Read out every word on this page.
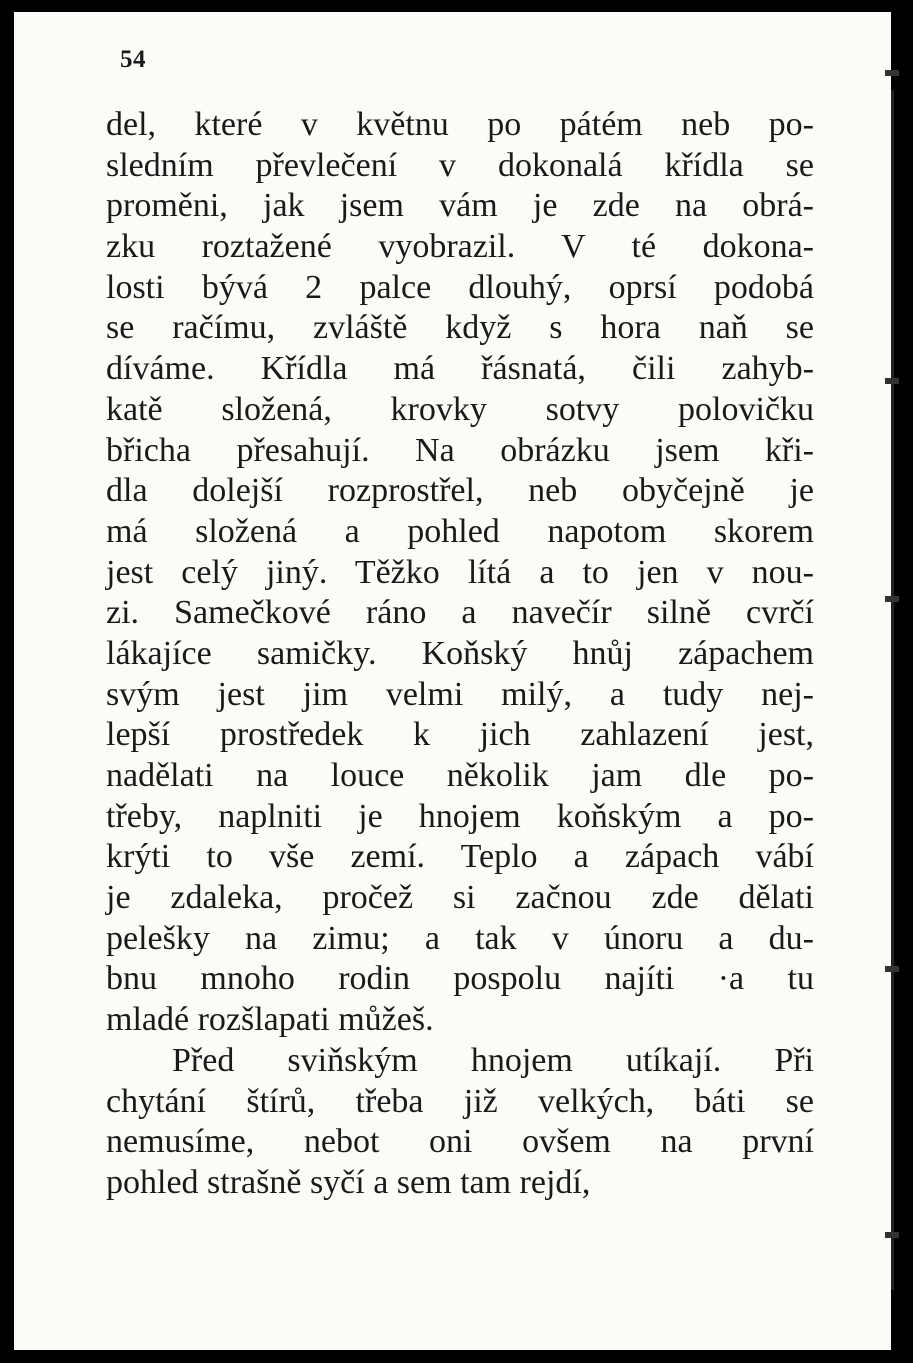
54
del, které v květnu po pátém neb po-
sledním převlečení v dokonalá křídla se
proměni, jak jsem vám je zde na obrá-
zku roztažené vyobrazil. V té dokona-
losti bývá 2 palce dlouhý, oprsí podobá
se račímu, zvláště když s hora naň se
díváme. Křídla má řásnatá, čili zahyb-
katě složená, krovky sotvy polovičku
břicha přesahují. Na obrázku jsem kři-
dla dolejší rozprostřel, neb obyčejně je
má složená a pohled napotom skorem
jest celý jiný. Těžko lítá a to jen v nou-
zi. Samečkové ráno a navečír silně cvrčí
lákajíce samičky. Koňský hnůj zápachem
svým jest jim velmi milý, a tudy nej-
lepší prostředek k jich zahlazení jest,
nadělati na louce několik jam dle po-
třeby, naplniti je hnojem koňským a po-
krýti to vše zemí. Teplo a zápach vábí
je zdaleka, pročež si začnou zde dělati
pelešky na zimu; a tak v únoru a du-
bnu mnoho rodin pospolu najíti ·a tu
mladé rozšlapati můžeš.
Před sviňským hnojem utíkají. Při
chytání štírů, třeba již velkých, báti se
nemusíme, nebot oni ovšem na první
pohled strašně syčí a sem tam rejdí,
